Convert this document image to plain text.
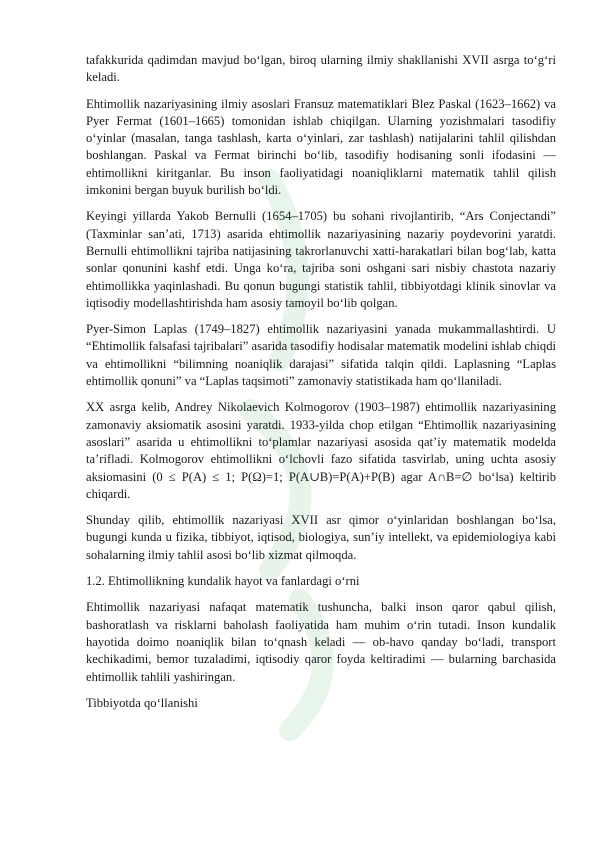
tafakkurida qadimdan mavjud bo‘lgan, biroq ularning ilmiy shakllanishi XVII asrga to‘g‘ri keladi.

Ehtimollik nazariyasining ilmiy asoslari Fransuz matematiklari Blez Paskal (1623–1662) va Pyer Fermat (1601–1665) tomonidan ishlab chiqilgan. Ularning yozishmalari tasodifiy o‘yinlar (masalan, tanga tashlash, karta o‘yinlari, zar tashlash) natijalarini tahlil qilishdan boshlangan. Paskal va Fermat birinchi bo‘lib, tasodifiy hodisaning sonli ifodasini — ehtimollikni kiritganlar. Bu inson faoliyatidagi noaniqliklarni matematik tahlil qilish imkonini bergan buyuk burilish bo‘ldi.

Keyingi yillarda Yakob Bernulli (1654–1705) bu sohani rivojlantirib, “Ars Conjectandi” (Taxminlar san’ati, 1713) asarida ehtimollik nazariyasining nazariy poydevorini yaratdi. Bernulli ehtimollikni tajriba natijasining takrorlanuvchi xatti-harakatlari bilan bog‘lab, katta sonlar qonunini kashf etdi. Unga ko‘ra, tajriba soni oshgani sari nisbiy chastota nazariy ehtimollikka yaqinlashadi. Bu qonun bugungi statistik tahlil, tibbiyotdagi klinik sinovlar va iqtisodiy modellashtirishda ham asosiy tamoyil bo‘lib qolgan.

Pyer-Simon Laplas (1749–1827) ehtimollik nazariyasini yanada mukammallashtirdi. U “Ehtimollik falsafasi tajribalari” asarida tasodifiy hodisalar matematik modelini ishlab chiqdi va ehtimollikni “bilimning noaniqlik darajasi” sifatida talqin qildi. Laplasning “Laplas ehtimollik qonuni” va “Laplas taqsimoti” zamonaviy statistikada ham qo‘llaniladi.

XX asrga kelib, Andrey Nikolaevich Kolmogorov (1903–1987) ehtimollik nazariyasining zamonaviy aksiomatik asosini yaratdi. 1933-yilda chop etilgan “Ehtimollik nazariyasining asoslari” asarida u ehtimollikni to‘plamlar nazariyasi asosida qat’iy matematik modelda ta’rifladi. Kolmogorov ehtimollikni o‘lchovli fazo sifatida tasvirlab, uning uchta asosiy aksiomasini (0 ≤ P(A) ≤ 1; P(Ω)=1; P(A∪B)=P(A)+P(B) agar A∩B=∅ bo‘lsa) keltirib chiqardi.

Shunday qilib, ehtimollik nazariyasi XVII asr qimor o‘yinlaridan boshlangan bo‘lsa, bugungi kunda u fizika, tibbiyot, iqtisod, biologiya, sun’iy intellekt, va epidemiologiya kabi sohalarning ilmiy tahlil asosi bo‘lib xizmat qilmoqda.

1.2. Ehtimollikning kundalik hayot va fanlardagi o‘rni

Ehtimollik nazariyasi nafaqat matematik tushuncha, balki inson qaror qabul qilish, bashoratlash va risklarni baholash faoliyatida ham muhim o‘rin tutadi. Inson kundalik hayotida doimo noaniqlik bilan to‘qnash keladi — ob-havo qanday bo‘ladi, transport kechikadimi, bemor tuzaladimi, iqtisodiy qaror foyda keltiradimi — bularning barchasida ehtimollik tahlili yashiringan.

Tibbiyotda qo‘llanishi
